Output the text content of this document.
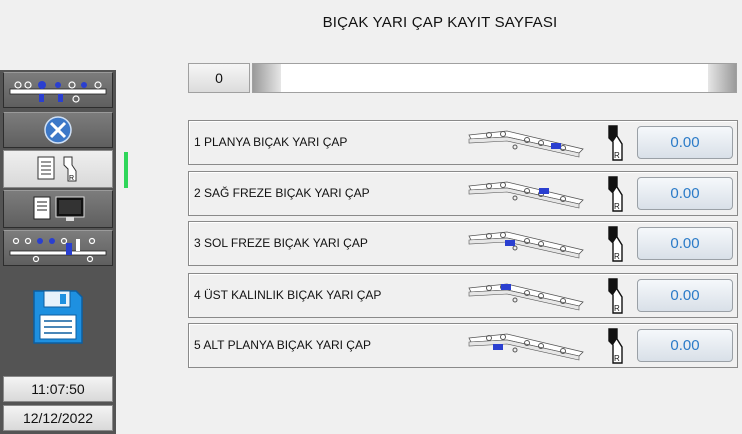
BIÇAK YARI ÇAP KAYIT SAYFASI
R
11:07:50
12/12/2022
0
1 PLANYA BIÇAK YARI ÇAP
R
0.00
2 SAĞ FREZE BIÇAK YARI ÇAP
R
0.00
3 SOL FREZE BIÇAK YARI ÇAP
R
0.00
4 ÜST KALINLIK BIÇAK YARI ÇAP
R
0.00
5 ALT PLANYA BIÇAK YARI ÇAP
R
0.00
